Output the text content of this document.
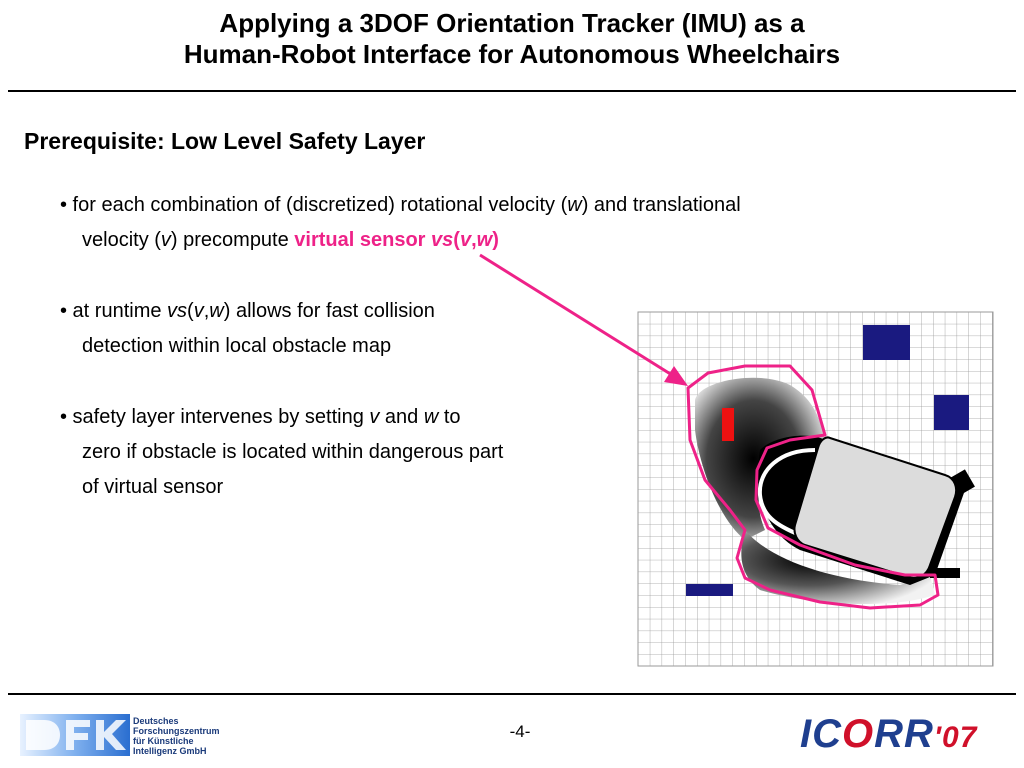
Applying a 3DOF Orientation Tracker (IMU) as a
Human-Robot Interface for Autonomous Wheelchairs
Prerequisite: Low Level Safety Layer
• for each combination of (discretized) rotational velocity (w) and translational
velocity (v) precompute virtual sensor vs(v,w)
• at runtime vs(v,w) allows for fast collision
detection within local obstacle map
• safety layer intervenes by setting v and w to
zero if obstacle is located within dangerous part
of virtual sensor
Deutsches
Forschungszentrum
für Künstliche
Intelligenz GmbH
-4-	ICORR'07
